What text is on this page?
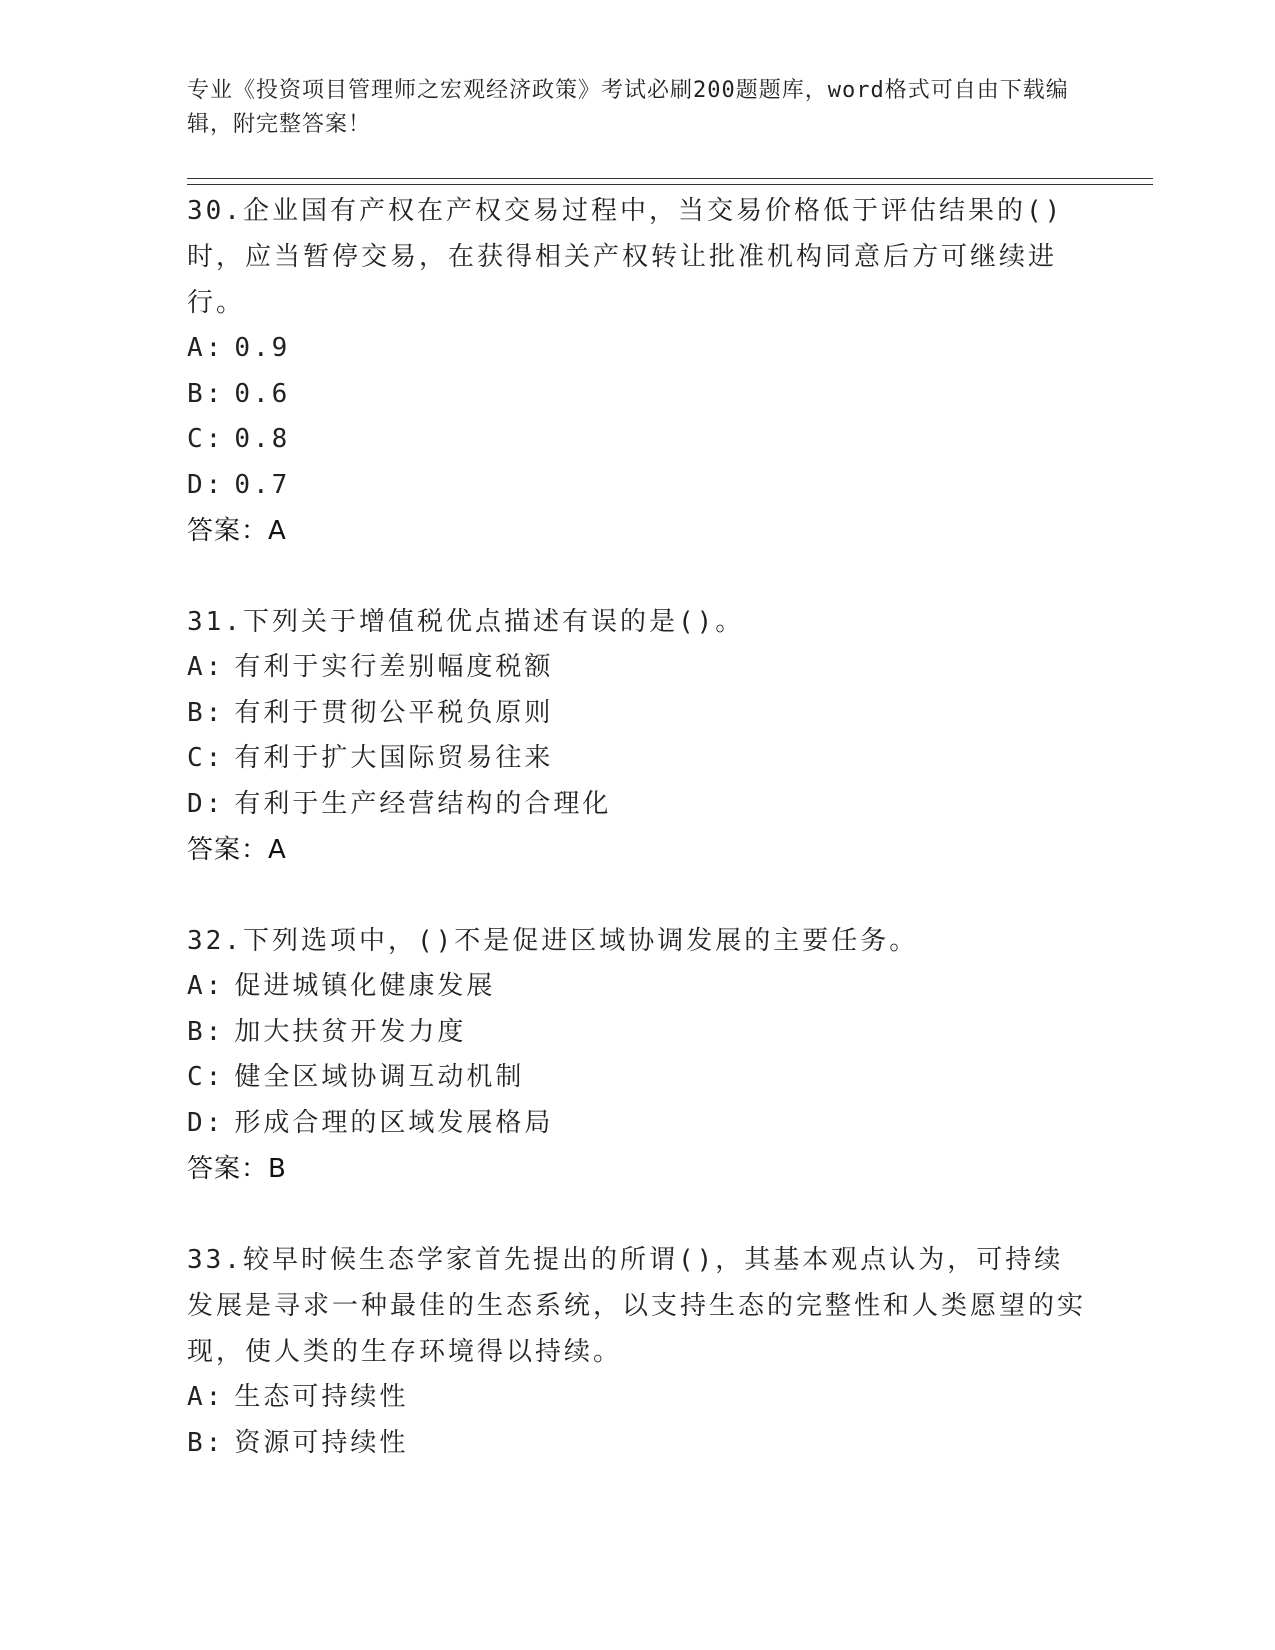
专业《投资项目管理师之宏观经济政策》考试必刷200题题库，word格式可自由下载编辑，附完整答案！
30.企业国有产权在产权交易过程中，当交易价格低于评估结果的()时，应当暂停交易，在获得相关产权转让批准机构同意后方可继续进行。
A: 0.9
B: 0.6
C: 0.8
D: 0.7
答案：A
31.下列关于增值税优点描述有误的是()。
A: 有利于实行差别幅度税额
B: 有利于贯彻公平税负原则
C: 有利于扩大国际贸易往来
D: 有利于生产经营结构的合理化
答案：A
32.下列选项中，()不是促进区域协调发展的主要任务。
A: 促进城镇化健康发展
B: 加大扶贫开发力度
C: 健全区域协调互动机制
D: 形成合理的区域发展格局
答案：B
33.较早时候生态学家首先提出的所谓()，其基本观点认为，可持续发展是寻求一种最佳的生态系统，以支持生态的完整性和人类愿望的实现，使人类的生存环境得以持续。
A: 生态可持续性
B: 资源可持续性
